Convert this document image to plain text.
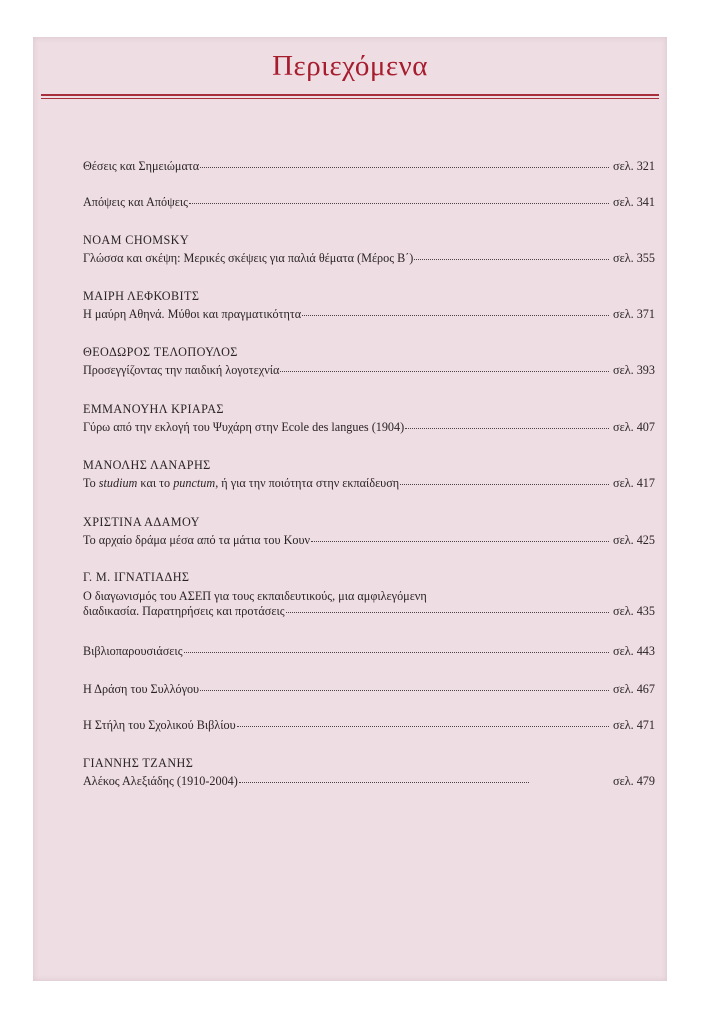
Περιεχόμενα
Θέσεις και Σημειώματα	σελ. 321
Απόψεις και Απόψεις	σελ. 341
NOAM CHOMSKY
Γλώσσα και σκέψη: Μερικές σκέψεις για παλιά θέματα (Μέρος Β΄)	σελ. 355
ΜΑΙΡΗ ΛΕΦΚΟΒΙΤΣ
Η μαύρη Αθηνά. Μύθοι και πραγματικότητα	σελ. 371
ΘΕΟΔΩΡΟΣ ΤΕΛΟΠΟΥΛΟΣ
Προσεγγίζοντας την παιδική λογοτεχνία	σελ. 393
ΕΜΜΑΝΟΥΗΛ ΚΡΙΑΡΑΣ
Γύρω από την εκλογή του Ψυχάρη στην Ecole des langues (1904)	σελ. 407
ΜΑΝΟΛΗΣ ΛΑΝΑΡΗΣ
Το studium και το punctum, ή για την ποιότητα στην εκπαίδευση	σελ. 417
ΧΡΙΣΤΙΝΑ ΑΔΑΜΟΥ
Το αρχαίο δράμα μέσα από τα μάτια του Κουν	σελ. 425
Γ. Μ. ΙΓΝΑΤΙΑΔΗΣ
Ο διαγωνισμός του ΑΣΕΠ για τους εκπαιδευτικούς, μια αμφιλεγόμενη
διαδικασία. Παρατηρήσεις και προτάσεις	σελ. 435
Βιβλιοπαρουσιάσεις	σελ. 443
Η Δράση του Συλλόγου	σελ. 467
Η Στήλη του Σχολικού Βιβλίου	σελ. 471
ΓΙΑΝΝΗΣ ΤΖΑΝΗΣ
Αλέκος Αλεξιάδης (1910-2004)	σελ. 479
